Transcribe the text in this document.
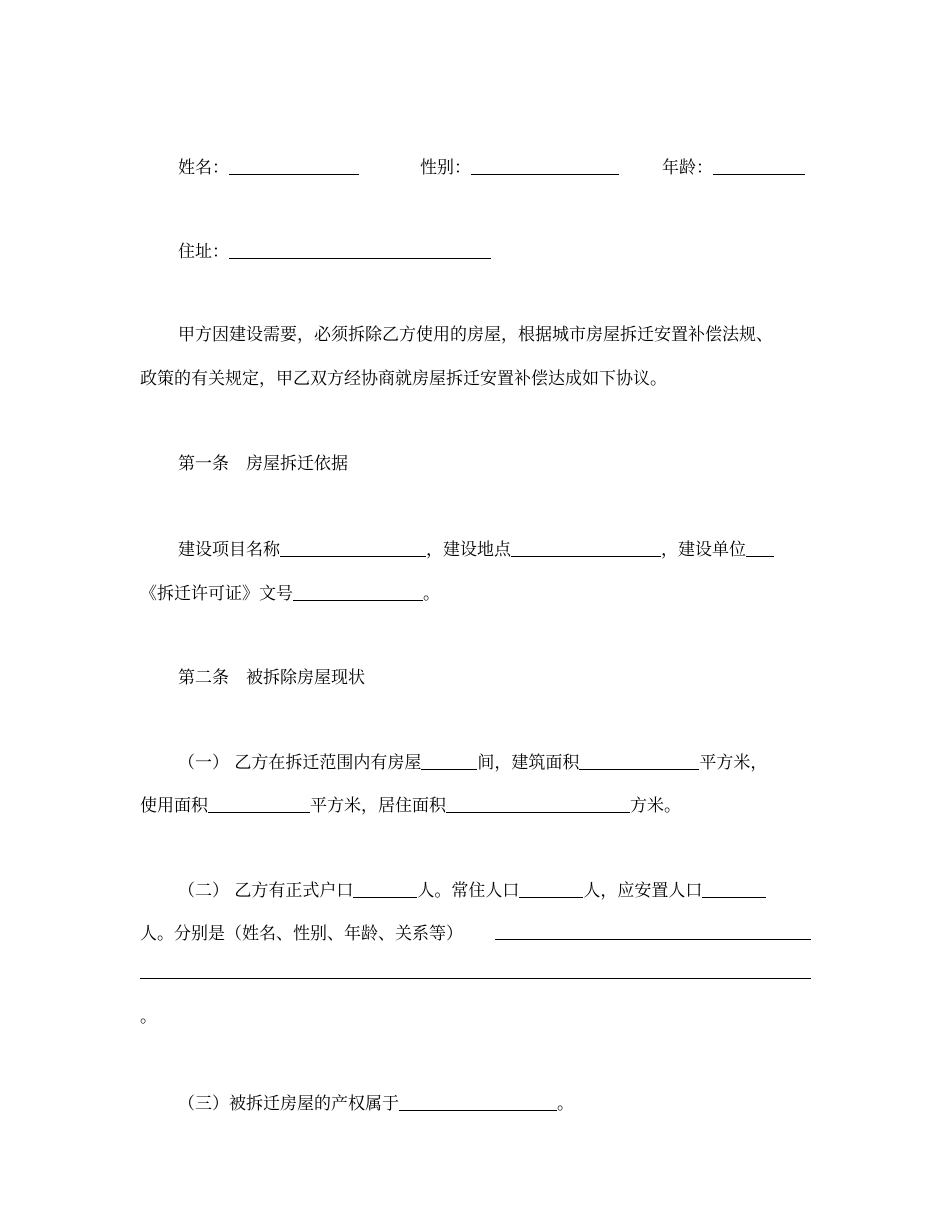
姓名：	性别：	年龄：
住址：
甲方因建设需要，必须拆除乙方使用的房屋，根据城市房屋拆迁安置补偿法规、
政策的有关规定，甲乙双方经协商就房屋拆迁安置补偿达成如下协议。
第一条　房屋拆迁依据
建设项目名称	，建设地点	，建设单位
《拆迁许可证》文号	。
第二条　被拆除房屋现状
（一） 乙方在拆迁范围内有房屋	间，建筑面积	平方米，
使用面积	平方米，居住面积	方米。
（二） 乙方有正式户口	人。常住人口	人，应安置人口
人。分别是（姓名、性别、年龄、关系等）
。
（三）被拆迁房屋的产权属于	。
